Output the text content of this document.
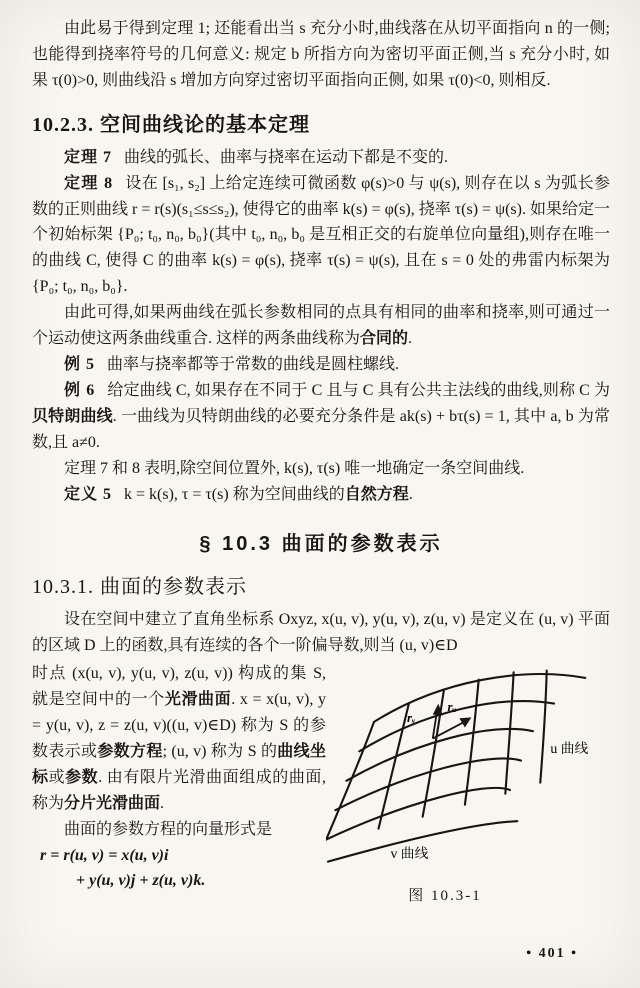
由此易于得到定理 1; 还能看出当 s 充分小时,曲线落在从切平面指向 n 的一侧; 也能得到挠率符号的几何意义: 规定 b 所指方向为密切平面正侧,当 s 充分小时, 如果 τ(0)>0, 则曲线沿 s 增加方向穿过密切平面指向正侧, 如果 τ(0)<0, 则相反.

10.2.3. 空间曲线论的基本定理

定理 7 曲线的弧长、曲率与挠率在运动下都是不变的.

定理 8 设在 [s₁, s₂] 上给定连续可微函数 φ(s)>0 与 ψ(s), 则存在以 s 为弧长参数的正则曲线 r = r(s)(s₁≤s≤s₂), 使得它的曲率 k(s) = φ(s), 挠率 τ(s) = ψ(s). 如果给定一个初始标架 {P₀; t₀, n₀, b₀}(其中 t₀, n₀, b₀ 是互相正交的右旋单位向量组),则存在唯一的曲线 C, 使得 C 的曲率 k(s) = φ(s), 挠率 τ(s) = ψ(s), 且在 s = 0 处的弗雷内标架为 {P₀; t₀, n₀, b₀}.

由此可得,如果两曲线在弧长参数相同的点具有相同的曲率和挠率,则可通过一个运动使这两条曲线重合. 这样的两条曲线称为合同的.

例 5 曲率与挠率都等于常数的曲线是圆柱螺线.

例 6 给定曲线 C, 如果存在不同于 C 且与 C 具有公共主法线的曲线,则称 C 为贝特朗曲线. 一曲线为贝特朗曲线的必要充分条件是 ak(s) + bτ(s) = 1, 其中 a, b 为常数,且 a≠0.

定理 7 和 8 表明,除空间位置外, k(s), τ(s) 唯一地确定一条空间曲线.

定义 5 k = k(s), τ = τ(s) 称为空间曲线的自然方程.

§ 10.3 曲面的参数表示
10.3.1. 曲面的参数表示

设在空间中建立了直角坐标系 Oxyz, x(u, v), y(u, v), z(u, v) 是定义在 (u, v) 平面的区域 D 上的函数,具有连续的各个一阶偏导数,则当 (u, v)∈D

时点 (x(u, v), y(u, v), z(u, v)) 构成的集 S, 就是空间中的一个光滑曲面. x = x(u, v), y = y(u, v), z = z(u, v)((u, v)∈D) 称为 S 的参数表示或参数方程; (u, v) 称为 S 的曲线坐标或参数. 由有限片光滑曲面组成的曲面, 称为分片光滑曲面.

曲面的参数方程的向量形式是

r = r(u, v) = x(u, v)i
+ y(u, v)j + z(u, v)k.
rᵥ
rᵤ
u 曲线
v 曲线
图 10.3-1
• 401 •
